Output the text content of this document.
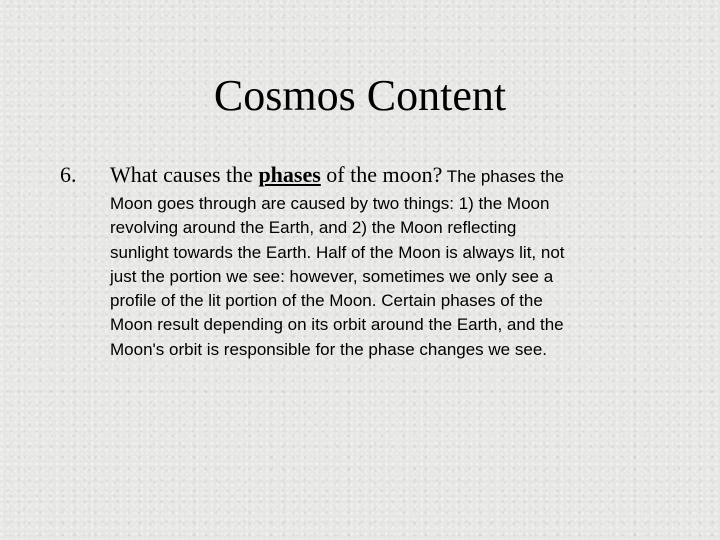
Cosmos Content
6. What causes the phases of the moon? The phases the
Moon goes through are caused by two things: 1) the Moon
revolving around the Earth, and 2) the Moon reflecting
sunlight towards the Earth. Half of the Moon is always lit, not
just the portion we see: however, sometimes we only see a
profile of the lit portion of the Moon. Certain phases of the
Moon result depending on its orbit around the Earth, and the
Moon's orbit is responsible for the phase changes we see.
